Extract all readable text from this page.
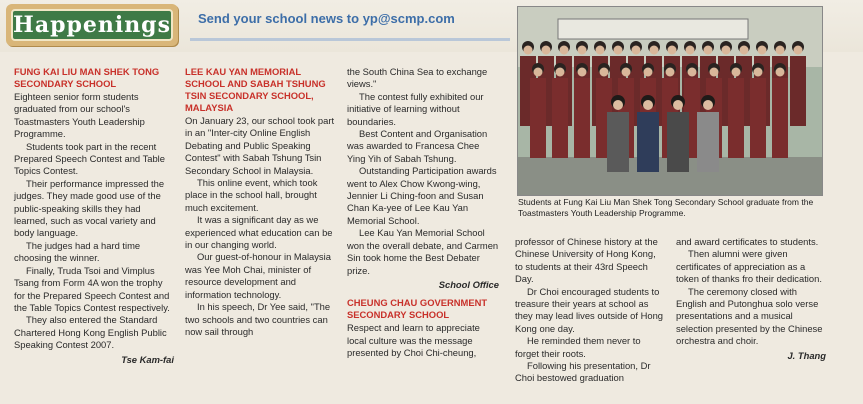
Happenings Send your school news to yp@scmp.com
Students at Fung Kai Liu Man Shek Tong Secondary School graduate from the Toastmasters Youth Leadership Programme.
FUNG KAI LIU MAN SHEK TONG SECONDARY SCHOOL

Eighteen senior form students graduated from our school's Toastmasters Youth Leadership Programme.

Students took part in the recent Prepared Speech Contest and Table Topics Contest.

Their performance impressed the judges. They made good use of the public-speaking skills they had learned, such as vocal variety and body language.

The judges had a hard time choosing the winner.

Finally, Truda Tsoi and Vimplus Tsang from Form 4A won the trophy for the Prepared Speech Contest and the Table Topics Contest respectively.

They also entered the Standard Chartered Hong Kong English Public Speaking Contest 2007.

Tse Kam-fai
LEE KAU YAN MEMORIAL SCHOOL AND SABAH TSHUNG TSIN SECONDARY SCHOOL, MALAYSIA

On January 23, our school took part in an "Inter-city Online English Debating and Public Speaking Contest" with Sabah Tshung Tsin Secondary School in Malaysia.

This online event, which took place in the school hall, brought much excitement.

It was a significant day as we experienced what education can be in our changing world.

Our guest-of-honour in Malaysia was Yee Moh Chai, minister of resource development and information technology.

In his speech, Dr Yee said, "The two schools and two countries can now sail through

the South China Sea to exchange views."

The contest fully exhibited our initiative of learning without boundaries.

Best Content and Organisation was awarded to Francesa Chee Ying Yih of Sabah Tshung.

Outstanding Participation awards went to Alex Chow Kwong-wing, Jennier Li Ching-foon and Susan Chan Ka-yee of Lee Kau Yan Memorial School.

Lee Kau Yan Memorial School won the overall debate, and Carmen Sin took home the Best Debater prize.

School Office
CHEUNG CHAU GOVERNMENT SECONDARY SCHOOL

Respect and learn to appreciate local culture was the message presented by Choi Chi-cheung,

professor of Chinese history at the Chinese University of Hong Kong, to students at their 43rd Speech Day.

Dr Choi encouraged students to treasure their years at school as they may lead lives outside of Hong Kong one day.

He reminded them never to forget their roots.

Following his presentation, Dr Choi bestowed graduation

and award certificates to students.

Then alumni were given certificates of appreciation as a token of thanks fro their dedication.

The ceremony closed with English and Putonghua solo verse presentations and a musical selection presented by the Chinese orchestra and choir.

J. Thang
